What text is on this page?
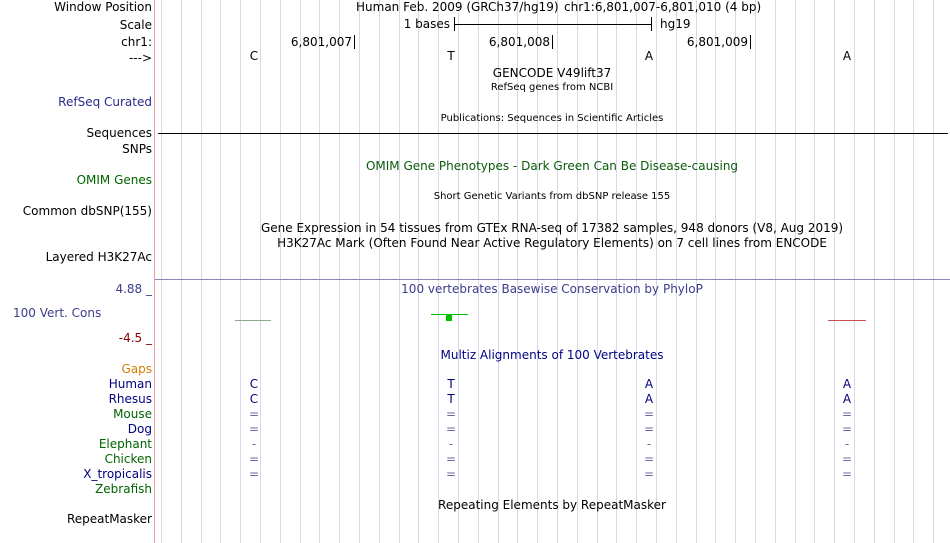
Window Position	Human Feb. 2009 (GRCh37/hg19) chr1:6,801,007-6,801,010 (4 bp)
Scale	1 bases	hg19
chr1:	6,801,007	6,801,008	6,801,009
--->	C	T	A	A
GENCODE V49lift37
RefSeq genes from NCBI
RefSeq Curated
Publications: Sequences in Scientific Articles
Sequences
SNPs
OMIM Gene Phenotypes - Dark Green Can Be Disease-causing
OMIM Genes
Short Genetic Variants from dbSNP release 155
Common dbSNP(155)
Gene Expression in 54 tissues from GTEx RNA-seq of 17382 samples, 948 donors (V8, Aug 2019)
H3K27Ac Mark (Often Found Near Active Regulatory Elements) on 7 cell lines from ENCODE
Layered H3K27Ac
4.88 _	100 vertebrates Basewise Conservation by PhyloP
100 Vert. Cons
-4.5 _
Multiz Alignments of 100 Vertebrates
Gaps
Human	C	T	A	A
Rhesus	C	T	A	A
Mouse	=	=	=	=
Dog	=	=	=	=
Elephant	-	-	-	-
Chicken	=	=	=	=
X_tropicalis	=	=	=	=
Zebrafish
Repeating Elements by RepeatMasker
RepeatMasker
